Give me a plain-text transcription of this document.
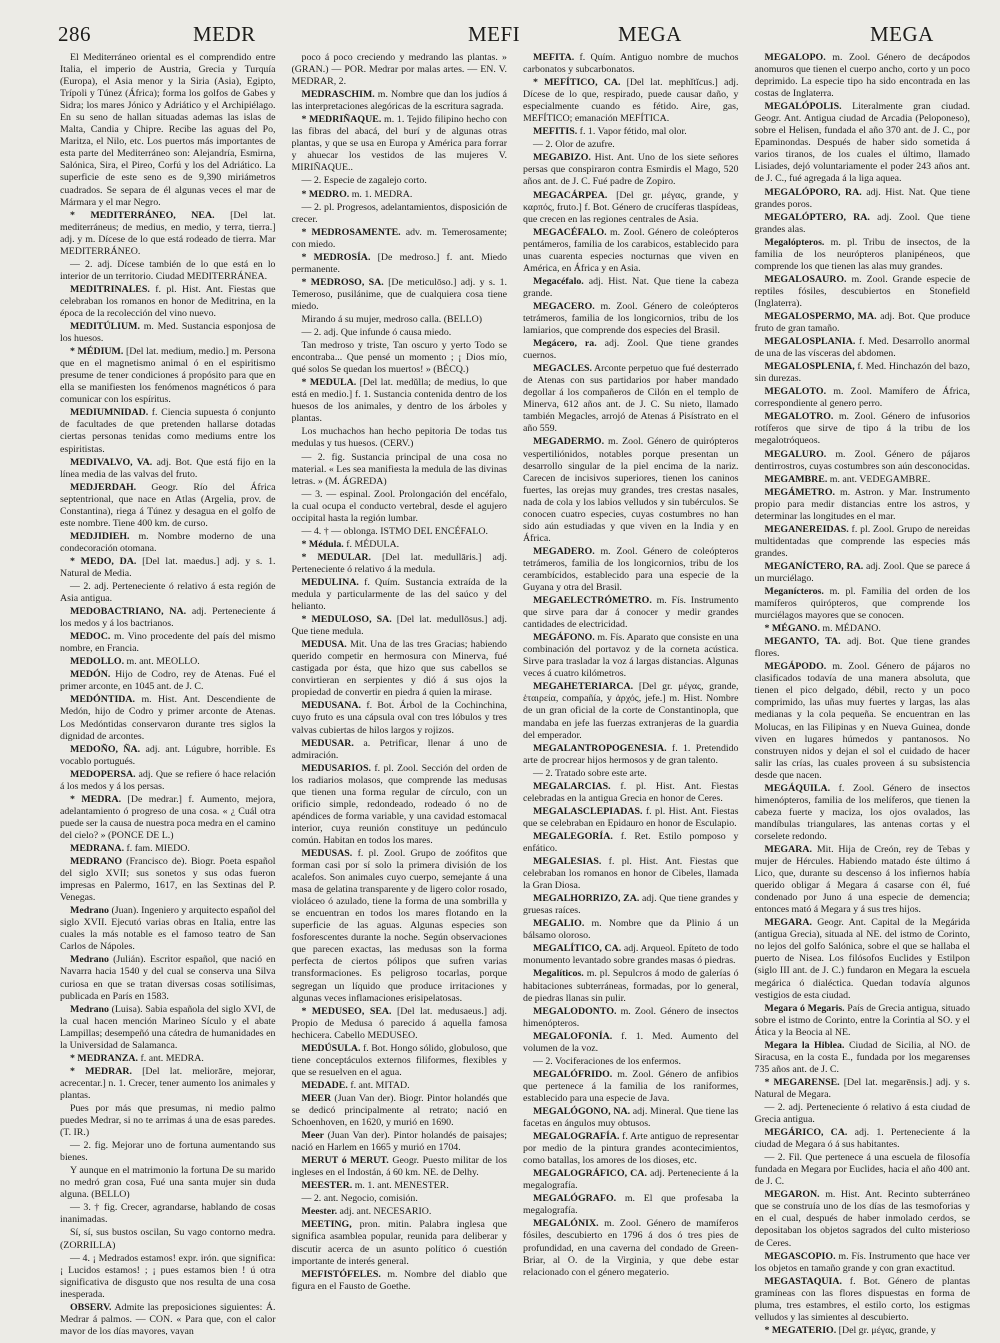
286	MEDR	MEFI	MEGA	MEGA

El Mediterráneo oriental es el comprendido entre Italia, el imperio de Austria, Grecia y Turquía (Europa), el Asia menor y la Siria (Asia), Egipto, Trípoli y Túnez (África); forma los golfos de Gabes y Sidra; los mares Jónico y Adriático y el Archipiélago. En su seno de hallan situadas ademas las islas de Malta, Candia y Chipre. Recibe las aguas del Po, Maritza, el Nilo, etc. Los puertos más importantes de esta parte del Mediterráneo son: Alejandría, Esmirna, Salónica, Sira, el Pireo, Corfú y los del Adriático. La superficie de este seno es de 9,390 miriámetros cuadrados. Se separa de él algunas veces el mar de Mármara y el mar Negro.

* MEDITERRÁNEO, NEA. [Del lat. mediterráneus; de medius, en medio, y terra, tierra.] adj. y m. Dícese de lo que está rodeado de tierra. Mar MEDITERRÁNEO.

— 2. adj. Dícese también de lo que está en lo interior de un territorio. Ciudad MEDITERRÁNEA.

MEDITRINALES. f. pl. Hist. Ant. Fiestas que celebraban los romanos en honor de Meditrina, en la época de la recolección del vino nuevo.

MEDITÚLIUM. m. Med. Sustancia esponjosa de los huesos.

* MÉDIUM. [Del lat. medium, medio.] m. Persona que en el magnetismo animal ó en el espiritismo presume de tener condiciones á propósito para que en ella se manifiesten los fenómenos magnéticos ó para comunicar con los espíritus.

MEDIUMNIDAD. f. Ciencia supuesta ó conjunto de facultades de que pretenden hallarse dotadas ciertas personas tenidas como mediums entre los espiritistas.

MEDIVALVO, VA. adj. Bot. Que está fijo en la línea media de las valvas del fruto.

MEDJERDAH. Geogr. Río del África septentrional, que nace en Atlas (Argelia, prov. de Constantina), riega á Túnez y desagua en el golfo de este nombre. Tiene 400 km. de curso.

MEDJIDIEH. m. Nombre moderno de una condecoración otomana.

* MEDO, DA. [Del lat. maedus.] adj. y s. 1. Natural de Media.

— 2. adj. Perteneciente ó relativo á esta región de Asia antigua.

MEDOBACTRIANO, NA. adj. Perteneciente á los medos y á los bactrianos.

MEDOC. m. Vino procedente del país del mismo nombre, en Francia.

MEDOLLO. m. ant. MEOLLO.

MEDÓN. Hijo de Codro, rey de Atenas. Fué el primer arconte, en 1045 ant. de J. C.

MEDÓNTIDA. m. Hist. Ant. Descendiente de Medón, hijo de Codro y primer arconte de Atenas. Los Medóntidas conservaron durante tres siglos la dignidad de arcontes.

MEDOÑO, ÑA. adj. ant. Lúgubre, horrible. Es vocablo portugués.

MEDOPERSA. adj. Que se refiere ó hace relación á los medos y á los persas.

* MEDRA. [De medrar.] f. Aumento, mejora, adelantamiento ó progreso de una cosa. « ¿ Cuál otra puede ser la causa de nuestra poca medra en el camino del cielo? » (PONCE DE L.)

MEDRANA. f. fam. MIEDO.

MEDRANO (Francisco de). Biogr. Poeta español del siglo XVII; sus sonetos y sus odas fueron impresas en Palermo, 1617, en las Sextinas del P. Venegas.

Medrano (Juan). Ingeniero y arquitecto español del siglo XVII. Ejecutó varias obras en Italia, entre las cuales la más notable es el famoso teatro de San Carlos de Nápoles.

Medrano (Julián). Escritor español, que nació en Navarra hacia 1540 y del cual se conserva una Silva curiosa en que se tratan diversas cosas sotilísimas, publicada en París en 1583.

Medrano (Luisa). Sabia española del siglo XVI, de la cual hacen mención Marineo Sículo y el abate Lampillas; desempeñó una cátedra de humanidades en la Universidad de Salamanca.

* MEDRANZA. f. ant. MEDRA.

* MEDRAR. [Del lat. meliorāre, mejorar, acrecentar.] n. 1. Crecer, tener aumento los animales y plantas.

Pues por más que presumas, ni medio palmo puedes Medrar, si no te arrimas á una de esas paredes. (T. IR.)

— 2. fig. Mejorar uno de fortuna aumentando sus bienes.

Y aunque en el matrimonio la fortuna De su marido no medró gran cosa, Fué una santa mujer sin duda alguna. (BELLO)

— 3. † fig. Crecer, agrandarse, hablando de cosas inanimadas.

Sí, sí, sus bustos oscilan, Su vago contorno medra. (ZORRILLA)

— 4. ¡ Medrados estamos! expr. irón. que significa: ¡ Lucidos estamos! ; ¡ pues estamos bien ! ú otra significativa de disgusto que nos resulta de una cosa inesperada.

OBSERV. Admite las preposiciones siguientes: Á. Medrar á palmos. — CON. « Para que, con el calor mayor de los días mayores, vayan

poco á poco creciendo y medrando las plantas. » (GRAN.) — POR. Medrar por malas artes. — EN. V. MEDRAR, 2.

MEDRASCHIM. m. Nombre que dan los judíos á las interpretaciones alegóricas de la escritura sagrada.

* MEDRIÑAQUE. m. 1. Tejido filipino hecho con las fibras del abacá, del burí y de algunas otras plantas, y que se usa en Europa y América para forrar y ahuecar los vestidos de las mujeres V. MIRIÑAQUE..

— 2. Especie de zagalejo corto.

* MEDRO. m. 1. MEDRA.

— 2. pl. Progresos, adelantamientos, disposición de crecer.

* MEDROSAMENTE. adv. m. Temerosamente; con miedo.

* MEDROSÍA. [De medroso.] f. ant. Miedo permanente.

* MEDROSO, SA. [De meticulōso.] adj. y s. 1. Temeroso, pusilánime, que de cualquiera cosa tiene miedo.

Mirando á su mujer, medroso calla. (BELLO)

— 2. adj. Que infunde ó causa miedo.

Tan medroso y triste, Tan oscuro y yerto Todo se encontraba... Que pensé un momento ; ¡ Dios mío, qué solos Se quedan los muertos! » (BÉCQ.)

* MEDULA. [Del lat. medŭlla; de medius, lo que está en medio.] f. 1. Sustancia contenida dentro de los huesos de los animales, y dentro de los árboles y plantas.

Los muchachos han hecho pepitoria De todas tus medulas y tus huesos. (CERV.)

— 2. fig. Sustancia principal de una cosa no material. « Les sea manifiesta la medula de las divinas letras. » (M. ÁGREDA)

— 3. — espinal. Zool. Prolongación del encéfalo, la cual ocupa el conducto vertebral, desde el agujero occipital hasta la región lumbar.

— 4. † — oblonga. ISTMO DEL ENCÉFALO.

* Médula. f. MÉDULA.

* MEDULAR. [Del lat. medullāris.] adj. Perteneciente ó relativo á la medula.

MEDULINA. f. Quím. Sustancia extraída de la medula y particularmente de las del saúco y del helianto.

* MEDULOSO, SA. [Del lat. medullōsus.] adj. Que tiene medula.

MEDUSA. Mit. Una de las tres Gracias; habiendo querido competir en hermosura con Minerva, fué castigada por ésta, que hizo que sus cabellos se convirtieran en serpientes y dió á sus ojos la propiedad de convertir en piedra á quien la mirase.

MEDUSANA. f. Bot. Árbol de la Cochinchina, cuyo fruto es una cápsula oval con tres lóbulos y tres valvas cubiertas de hilos largos y rojizos.

MEDUSAR. a. Petrificar, llenar á uno de admiración.

MEDUSARIOS. f. pl. Zool. Sección del orden de los radiarios molasos, que comprende las medusas que tienen una forma regular de círculo, con un orificio simple, redondeado, rodeado ó no de apéndices de forma variable, y una cavidad estomacal interior, cuya reunión constituye un pedúnculo común. Habitan en todos los mares.

MEDUSAS. f. pl. Zool. Grupo de zoófitos que forman casi por sí solo la primera división de los acalefos. Son animales cuyo cuerpo, semejante á una masa de gelatina transparente y de ligero color rosado, violáceo ó azulado, tiene la forma de una sombrilla y se encuentran en todos los mares flotando en la superficie de las aguas. Algunas especies son fosforescentes durante la noche. Según observaciones que parecen exactas, las medusas son la forma perfecta de ciertos pólipos que sufren varias transformaciones. Es peligroso tocarlas, porque segregan un líquido que produce irritaciones y algunas veces inflamaciones erisipelatosas.

* MEDUSEO, SEA. [Del lat. medusaeus.] adj. Propio de Medusa ó parecido á aquella famosa hechicera. Cabello MEDUSEO.

MEDÚSULA. f. Bot. Hongo sólido, globuloso, que tiene conceptáculos externos filiformes, flexibles y que se resuelven en el agua.

MEDADE. f. ant. MITAD.

MEER (Juan Van der). Biogr. Pintor holandés que se dedicó principalmente al retrato; nació en Schoenhoven, en 1620, y murió en 1690.

Meer (Juan Van der). Pintor holandés de paisajes; nació en Harlem en 1665 y murió en 1704.

MERUT ó MERUT. Geogr. Puesto militar de los ingleses en el Indostán, á 60 km. NE. de Delhy.

MEESTER. m. 1. ant. MENESTER.

— 2. ant. Negocio, comisión.

Meester. adj. ant. NECESARIO.

MEETING, pron. mitin. Palabra inglesa que significa asamblea popular, reunida para deliberar y discutir acerca de un asunto político ó cuestión importante de interés general.

MEFISTÓFELES. m. Nombre del diablo que figura en el Fausto de Goethe.

MEFITA. f. Quím. Antiguo nombre de muchos carbonatos y subcarbonatos.

* MEFÍTICO, CA. [Del lat. mephĭtĭcus.] adj. Dícese de lo que, respirado, puede causar daño, y especialmente cuando es fétido. Aire, gas, MEFÍTICO; emanación MEFÍTICA.

MEFITIS. f. 1. Vapor fétido, mal olor.

— 2. Olor de azufre.

MEGABIZO. Hist. Ant. Uno de los siete señores persas que conspiraron contra Esmirdis el Mago, 520 años ant. de J. C. Fué padre de Zopiro.

MEGACÁRPEA. [Del gr. μέγας, grande, y καρπός, fruto.] f. Bot. Género de crucíferas tlaspídeas, que crecen en las regiones centrales de Asia.

MEGACÉFALO. m. Zool. Género de coleópteros pentámeros, familia de los carabicos, establecido para unas cuarenta especies nocturnas que viven en América, en África y en Asia.

Megacéfalo. adj. Hist. Nat. Que tiene la cabeza grande.

MEGACERO. m. Zool. Género de coleópteros tetrámeros, familia de los longicornios, tribu de los lamiarios, que comprende dos especies del Brasil.

Megácero, ra. adj. Zool. Que tiene grandes cuernos.

MEGACLES. Arconte perpetuo que fué desterrado de Atenas con sus partidarios por haber mandado degollar á los compañeros de Cilón en el templo de Minerva, 612 años ant. de J. C. Su nieto, llamado también Megacles, arrojó de Atenas á Pisístrato en el año 559.

MEGADERMO. m. Zool. Género de quirópteros vespertiliónidos, notables porque presentan un desarrollo singular de la piel encima de la nariz. Carecen de incisivos superiores, tienen los caninos fuertes, las orejas muy grandes, tres crestas nasales, nada de cola y los labios velludos y sin tubérculos. Se conocen cuatro especies, cuyas costumbres no han sido aún estudiadas y que viven en la India y en África.

MEGADERO. m. Zool. Género de coleópteros tetrámeros, familia de los longicornios, tribu de los cerambícidos, establecido para una especie de la Guyana y otra del Brasil.

MEGAELECTRÓMETRO. m. Fís. Instrumento que sirve para dar á conocer y medir grandes cantidades de electricidad.

MEGÁFONO. m. Fís. Aparato que consiste en una combinación del portavoz y de la corneta acústica. Sirve para trasladar la voz á largas distancias. Algunas veces á cuatro kilómetros.

MEGAHETERIARCA. [Del gr. μέγας, grande, ἑταιρεία, compañía, y ἀρχός, jefe.] m. Hist. Nombre de un gran oficial de la corte de Constantinopla, que mandaba en jefe las fuerzas extranjeras de la guardia del emperador.

MEGALANTROPOGENESIA. f. 1. Pretendido arte de procrear hijos hermosos y de gran talento.

— 2. Tratado sobre este arte.

MEGALARCIAS. f. pl. Hist. Ant. Fiestas celebradas en la antigua Grecia en honor de Ceres.

MEGALASCLEPIADAS. f. pl. Hist. Ant. Fiestas que se celebraban en Epidauro en honor de Esculapio.

MEGALEGORÍA. f. Ret. Estilo pomposo y enfático.

MEGALESIAS. f. pl. Hist. Ant. Fiestas que celebraban los romanos en honor de Cibeles, llamada la Gran Diosa.

MEGALHORRIZO, ZA. adj. Que tiene grandes y gruesas raíces.

MEGALIO. m. Nombre que da Plinio á un bálsamo oloroso.

MEGALÍTICO, CA. adj. Arqueol. Epíteto de todo monumento levantado sobre grandes masas ó piedras.

Megalíticos. m. pl. Sepulcros á modo de galerías ó habitaciones subterráneas, formadas, por lo general, de piedras llanas sin pulir.

MEGALODONTO. m. Zool. Género de insectos himenópteros.

MEGALOFONÍA. f. 1. Med. Aumento del volumen de la voz.

— 2. Vociferaciones de los enfermos.

MEGALÓFRIDO. m. Zool. Género de anfibios que pertenece á la familia de los raniformes, establecido para una especie de Java.

MEGALÓGONO, NA. adj. Mineral. Que tiene las facetas en ángulos muy obtusos.

MEGALOGRAFÍA. f. Arte antiguo de representar por medio de la pintura grandes acontecimientos, como batallas, los amores de los dioses, etc.

MEGALOGRÁFICO, CA. adj. Perteneciente á la megalografía.

MEGALÓGRAFO. m. El que profesaba la megalografía.

MEGALÓNIX. m. Zool. Género de mamíferos fósiles, descubierto en 1796 á dos ó tres pies de profundidad, en una caverna del condado de Green-Briar, al O. de la Virginia, y que debe estar relacionado con el género megaterio.

MEGALOPO. m. Zool. Género de decápodos anomuros que tienen el cuerpo ancho, corto y un poco deprimido. La especie tipo ha sido encontrada en las costas de Inglaterra.

MEGALÓPOLIS. Literalmente gran ciudad. Geogr. Ant. Antigua ciudad de Arcadia (Peloponeso), sobre el Helisen, fundada el año 370 ant. de J. C., por Epaminondas. Después de haber sido sometida á varios tiranos, de los cuales el último, llamado Lisiades, dejó voluntariamente el poder 243 años ant. de J. C., fué agregada á la liga aquea.

MEGALÓPORO, RA. adj. Hist. Nat. Que tiene grandes poros.

MEGALÓPTERO, RA. adj. Zool. Que tiene grandes alas.

Megalópteros. m. pl. Tribu de insectos, de la familia de los neurópteros planipéneos, que comprende los que tienen las alas muy grandes.

MEGALOSAURO. m. Zool. Grande especie de reptiles fósiles, descubiertos en Stonefield (Inglaterra).

MEGALOSPERMO, MA. adj. Bot. Que produce fruto de gran tamaño.

MEGALOSPLANIA. f. Med. Desarrollo anormal de una de las vísceras del abdomen.

MEGALOSPLENIA, f. Med. Hinchazón del bazo, sin durezas.

MEGALOTO. m. Zool. Mamífero de África, correspondiente al genero perro.

MEGALOTRO. m. Zool. Género de infusorios rotíferos que sirve de tipo á la tribu de los megalotróqueos.

MEGALURO. m. Zool. Género de pájaros dentirrostros, cuyas costumbres son aún desconocidas.

MEGAMBRE. m. ant. VEDEGAMBRE.

MEGÁMETRO. m. Astron. y Mar. Instrumento propio para medir distancias entre los astros, y determinar las longitudes en el mar.

MEGANEREIDAS. f. pl. Zool. Grupo de nereidas multidentadas que comprende las especies más grandes.

MEGANÍCTERO, RA. adj. Zool. Que se parece á un murciélago.

Meganícteros. m. pl. Familia del orden de los mamíferos quirópteros, que comprende los murciélagos mayores que se conocen.

* MÉGANO. m. MÉDANO.

MEGANTO, TA. adj. Bot. Que tiene grandes flores.

MEGÁPODO. m. Zool. Género de pájaros no clasificados todavía de una manera absoluta, que tienen el pico delgado, débil, recto y un poco comprimido, las uñas muy fuertes y largas, las alas medianas y la cola pequeña. Se encuentran en las Molucas, en las Filipinas y en Nueva Guinea, donde viven en lugares húmedos y pantanosos. No construyen nidos y dejan el sol el cuidado de hacer salir las crías, las cuales proveen á su subsistencia desde que nacen.

MEGÁQUILA. f. Zool. Género de insectos himenópteros, familia de los melíferos, que tienen la cabeza fuerte y maciza, los ojos ovalados, las mandíbulas triangulares, las antenas cortas y el corselete redondo.

MEGARA. Mit. Hija de Creón, rey de Tebas y mujer de Hércules. Habiendo matado éste último á Lico, que, durante su descenso á los infiernos había querido obligar á Megara á casarse con él, fué condenado por Juno á una especie de demencia; entonces mató á Megara y á sus tres hijos.

MEGARA. Geogr. Ant. Capital de la Megárida (antigua Grecia), situada al NE. del istmo de Corinto, no lejos del golfo Salónica, sobre el que se hallaba el puerto de Nisea. Los filósofos Euclides y Estilpon (siglo III ant. de J. C.) fundaron en Megara la escuela megárica ó dialéctica. Quedan todavía algunos vestigios de esta ciudad.

Megara ó Megaris. País de Grecia antigua, situado sobre el istmo de Corinto, entre la Corintia al SO. y el Ática y la Beocia al NE.

Megara la Hiblea. Ciudad de Sicilia, al NO. de Siracusa, en la costa E., fundada por los megarenses 735 años ant. de J. C.

* MEGARENSE. [Del lat. megarēnsis.] adj. y s. Natural de Megara.

— 2. adj. Perteneciente ó relativo á esta ciudad de Grecia antigua.

MEGÁRICO, CA. adj. 1. Perteneciente á la ciudad de Megara ó á sus habitantes.

— 2. Fil. Que pertenece á una escuela de filosofía fundada en Megara por Euclides, hacia el año 400 ant. de J. C.

MEGARON. m. Hist. Ant. Recinto subterráneo que se construía uno de los días de las tesmoforias y en el cual, después de haber inmolado cerdos, se depositaban los objetos sagrados del culto misterioso de Ceres.

MEGASCOPIO. m. Fís. Instrumento que hace ver los objetos en tamaño grande y con gran exactitud.

MEGASTAQUIA. f. Bot. Género de plantas gramíneas con las flores dispuestas en forma de pluma, tres estambres, el estilo corto, los estigmas velludos y las simientes al descubierto.

* MEGATERIO. [Del gr. μέγας, grande, y
